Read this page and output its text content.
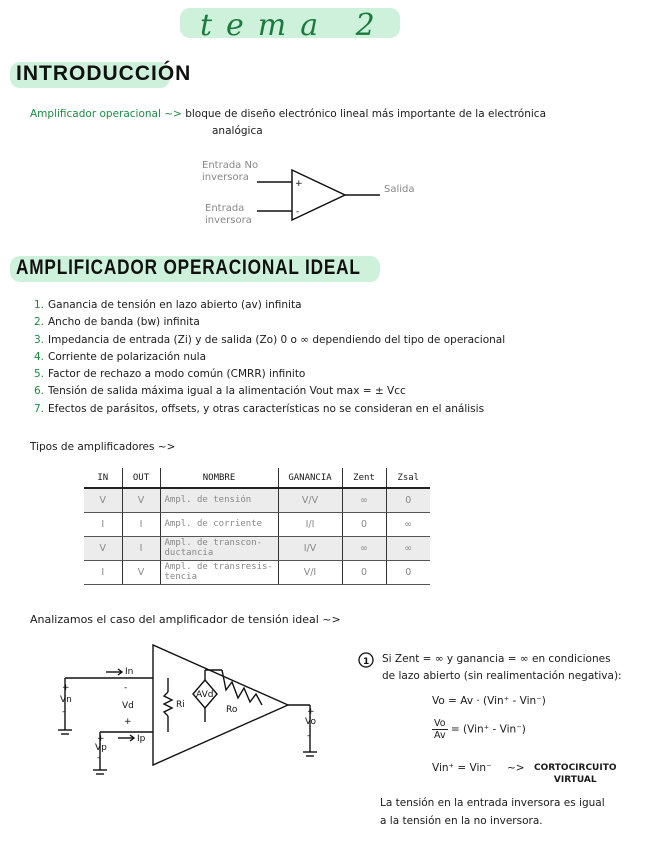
tema 2
INTRODUCCIÓN
Amplificador operacional ~> bloque de diseño electrónico lineal más importante de la electrónica
analógica
Entrada No
inversora
Entrada
inversora
Salida
+
-
AMPLIFICADOR OPERACIONAL IDEAL
1. Ganancia de tensión en lazo abierto (av) infinita
2. Ancho de banda (bw) infinita
3. Impedancia de entrada (Zi) y de salida (Zo) 0 o ∞ dependiendo del tipo de operacional
4. Corriente de polarización nula
5. Factor de rechazo a modo común (CMRR) infinito
6. Tensión de salida máxima igual a la alimentación Vout max = ± Vcc
7. Efectos de parásitos, offsets, y otras características no se consideran en el análisis
Tipos de amplificadores ~>
IN	OUT	NOMBRE	GANANCIA	Zent	Zsal
V	V	Ampl. de tensión	V/V	∞	0
I	I	Ampl. de corriente	I/I	0	∞
V	I	Ampl. de transcon-ductancia	I/V	∞	∞
I	V	Ampl. de transresis-tencia	V/I	0	0
Analizamos el caso del amplificador de tensión ideal ~>
In
Ip
Vd
-
+
Ri
AVd
Ro
Vn
+
-
Vp
+
-
Vo
+
-
1 Si Zent = ∞ y ganancia = ∞ en condiciones
de lazo abierto (sin realimentación negativa):
Vo = Av · (Vin⁺ - Vin⁻)
$\frac{Vo}{Av} = (Vin^+ - Vin^-)$
Vin⁺ = Vin⁻ ~> CORTOCIRCUITO
VIRTUAL
La tensión en la entrada inversora es igual
a la tensión en la no inversora.
